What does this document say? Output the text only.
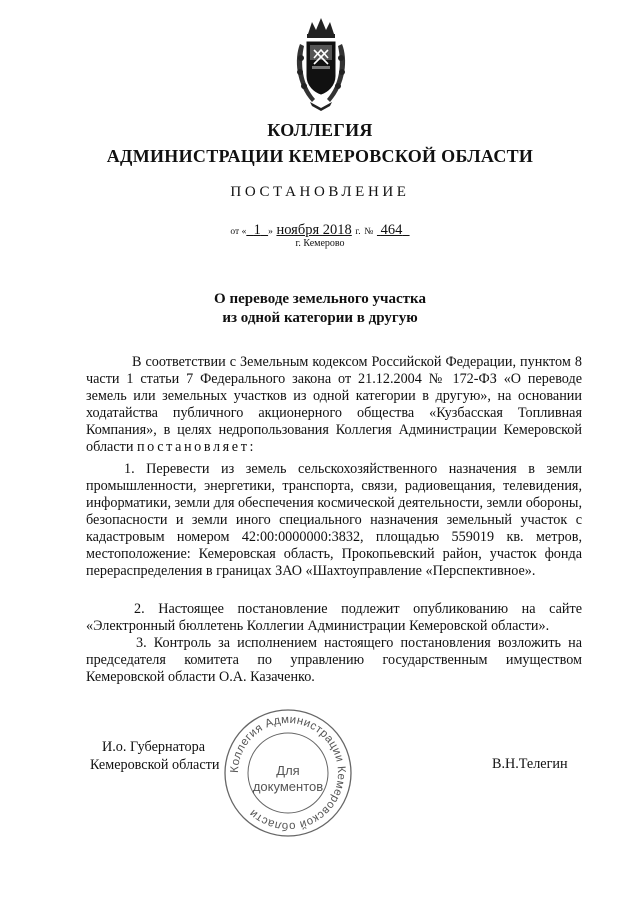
КОЛЛЕГИЯ
АДМИНИСТРАЦИИ КЕМЕРОВСКОЙ ОБЛАСТИ
ПОСТАНОВЛЕНИЕ
от « 1 » ноября 2018 г. № 464
г. Кемерово
О переводе земельного участка
из одной категории в другую

В соответствии с Земельным кодексом Российской Федерации, пунктом 8 части 1 статьи 7 Федерального закона от 21.12.2004 № 172-ФЗ «О переводе земель или земельных участков из одной категории в другую», на основании ходатайства публичного акционерного общества «Кузбасская Топливная Компания», в целях недропользования Коллегия Администрации Кемеровской области постановляет:

1. Перевести из земель сельскохозяйственного назначения в земли промышленности, энергетики, транспорта, связи, радиовещания, телевидения, информатики, земли для обеспечения космической деятельности, земли обороны, безопасности и земли иного специального назначения земельный участок с кадастровым номером 42:00:0000000:3832, площадью 559019 кв. метров, местоположение: Кемеровская область, Прокопьевский район, участок фонда перераспределения в границах ЗАО «Шахтоуправление «Перспективное».

2. Настоящее постановление подлежит опубликованию на сайте «Электронный бюллетень Коллегии Администрации Кемеровской области».

3. Контроль за исполнением настоящего постановления возложить на председателя комитета по управлению государственным имуществом Кемеровской области О.А. Казаченко.

И.о. Губернатора
Кемеровской области	В.Н.Телегин
Коллегия Администрации Кемеровской области
Для
документов
